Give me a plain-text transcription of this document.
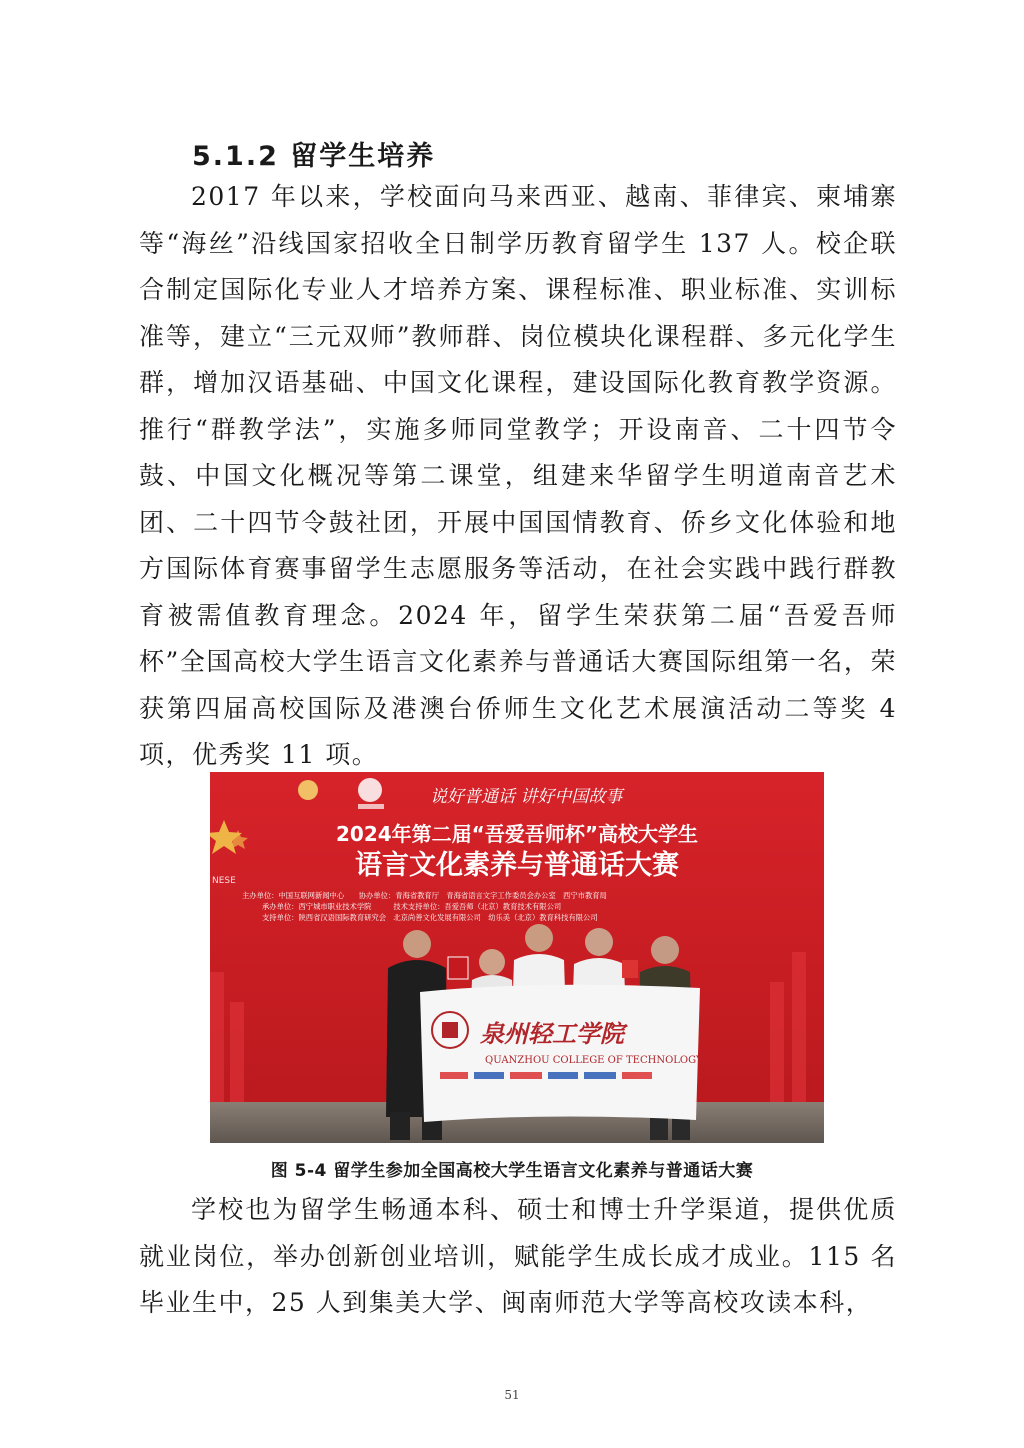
5.1.2 留学生培养

2017 年以来，学校面向马来西亚、越南、菲律宾、柬埔寨等“海丝”沿线国家招收全日制学历教育留学生 137 人。校企联合制定国际化专业人才培养方案、课程标准、职业标准、实训标准等，建立“三元双师”教师群、岗位模块化课程群、多元化学生群，增加汉语基础、中国文化课程，建设国际化教育教学资源。推行“群教学法”，实施多师同堂教学；开设南音、二十四节令鼓、中国文化概况等第二课堂，组建来华留学生明道南音艺术团、二十四节令鼓社团，开展中国国情教育、侨乡文化体验和地方国际体育赛事留学生志愿服务等活动，在社会实践中践行群教育被需值教育理念。2024 年，留学生荣获第二届“吾爱吾师杯”全国高校大学生语言文化素养与普通话大赛国际组第一名，荣获第四届高校国际及港澳台侨师生文化艺术展演活动二等奖 4 项，优秀奖 11 项。

说好普通话 讲好中国故事
2024年第二届“吾爱吾师杯”高校大学生
语言文化素养与普通话大赛
NESE
主办单位：中国互联网新闻中心　　协办单位：青海省教育厅　青海省语言文字工作委员会办公室　西宁市教育局
承办单位：西宁城市职业技术学院　　　技术支持单位：吾爱吾师（北京）教育技术有限公司
支持单位：陕西省汉语国际教育研究会　北京尚善文化发展有限公司　幼乐美（北京）教育科技有限公司
泉州轻工学院
QUANZHOU COLLEGE OF TECHNOLOGY
图 5-4 留学生参加全国高校大学生语言文化素养与普通话大赛

学校也为留学生畅通本科、硕士和博士升学渠道，提供优质就业岗位，举办创新创业培训，赋能学生成长成才成业。115 名毕业生中，25 人到集美大学、闽南师范大学等高校攻读本科，

51
